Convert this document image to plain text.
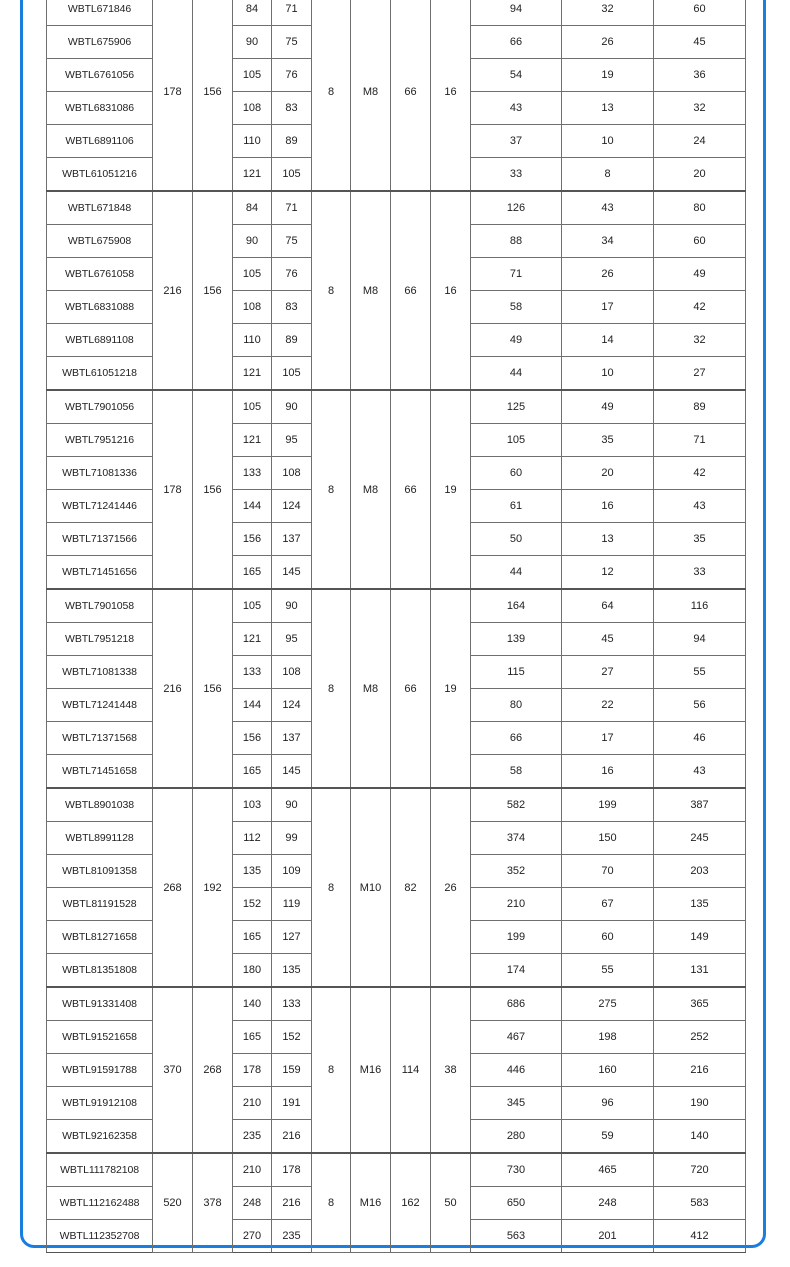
WBTL671846	178	156	84	71	8	M8	66	16	94	32	60
WBTL675906			90	75					66	26	45
WBTL6761056			105	76					54	19	36
WBTL6831086			108	83					43	13	32
WBTL6891106			110	89					37	10	24
WBTL61051216			121	105					33	8	20
WBTL671848	216	156	84	71	8	M8	66	16	126	43	80
WBTL675908			90	75					88	34	60
WBTL6761058			105	76					71	26	49
WBTL6831088			108	83					58	17	42
WBTL6891108			110	89					49	14	32
WBTL61051218			121	105					44	10	27
WBTL7901056	178	156	105	90	8	M8	66	19	125	49	89
WBTL7951216			121	95					105	35	71
WBTL71081336			133	108					60	20	42
WBTL71241446			144	124					61	16	43
WBTL71371566			156	137					50	13	35
WBTL71451656			165	145					44	12	33
WBTL7901058	216	156	105	90	8	M8	66	19	164	64	116
WBTL7951218			121	95					139	45	94
WBTL71081338			133	108					115	27	55
WBTL71241448			144	124					80	22	56
WBTL71371568			156	137					66	17	46
WBTL71451658			165	145					58	16	43
WBTL8901038	268	192	103	90	8	M10	82	26	582	199	387
WBTL8991128			112	99					374	150	245
WBTL81091358			135	109					352	70	203
WBTL81191528			152	119					210	67	135
WBTL81271658			165	127					199	60	149
WBTL81351808			180	135					174	55	131
WBTL91331408	370	268	140	133	8	M16	114	38	686	275	365
WBTL91521658			165	152					467	198	252
WBTL91591788			178	159					446	160	216
WBTL91912108			210	191					345	96	190
WBTL92162358			235	216					280	59	140
WBTL111782108	520	378	210	178	8	M16	162	50	730	465	720
WBTL112162488			248	216					650	248	583
WBTL112352708			270	235					563	201	412
